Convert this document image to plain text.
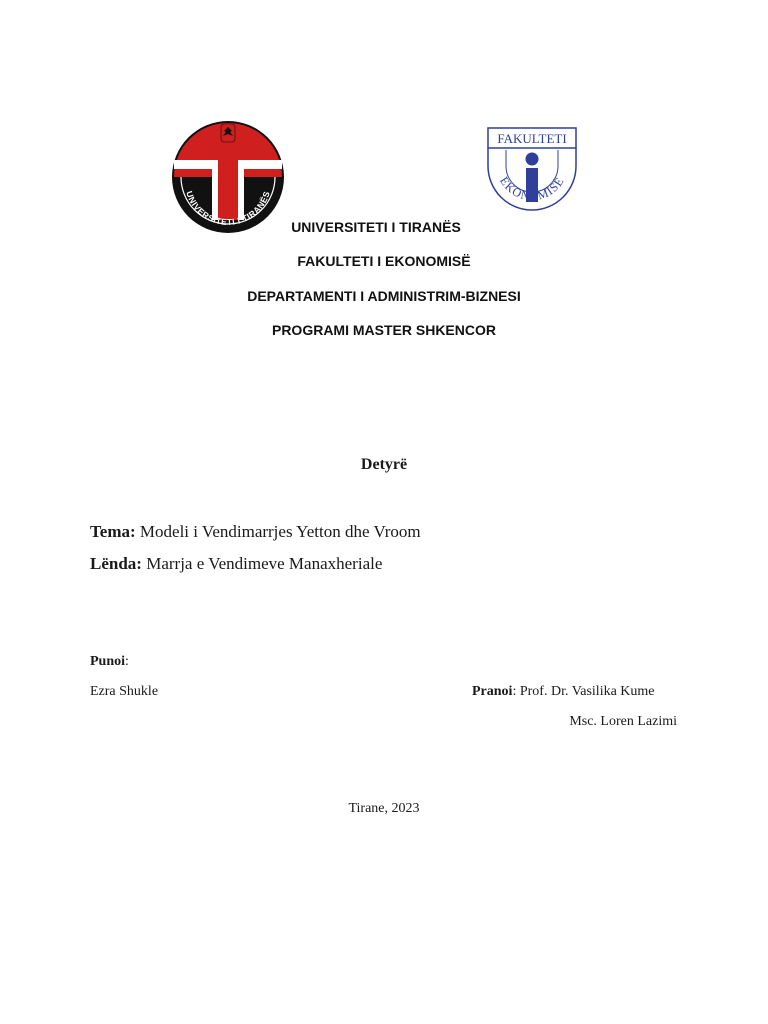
UNIVERSITETI I TIRANËS
FAKULTETI
EKONOMISË
UNIVERSITETI I TIRANЁS
FAKULTETI I EKONOMISЁ
DEPARTAMENTI I ADMINISTRIM-BIZNESI
PROGRAMI MASTER SHKENCOR
Detyrë
Tema: Modeli i Vendimarrjes Yetton dhe Vroom
Lënda: Marrja e Vendimeve Manaxheriale
Punoi:
Ezra Shukle	Pranoi: Prof. Dr. Vasilika Kume
Msc. Loren Lazimi
Tirane, 2023
